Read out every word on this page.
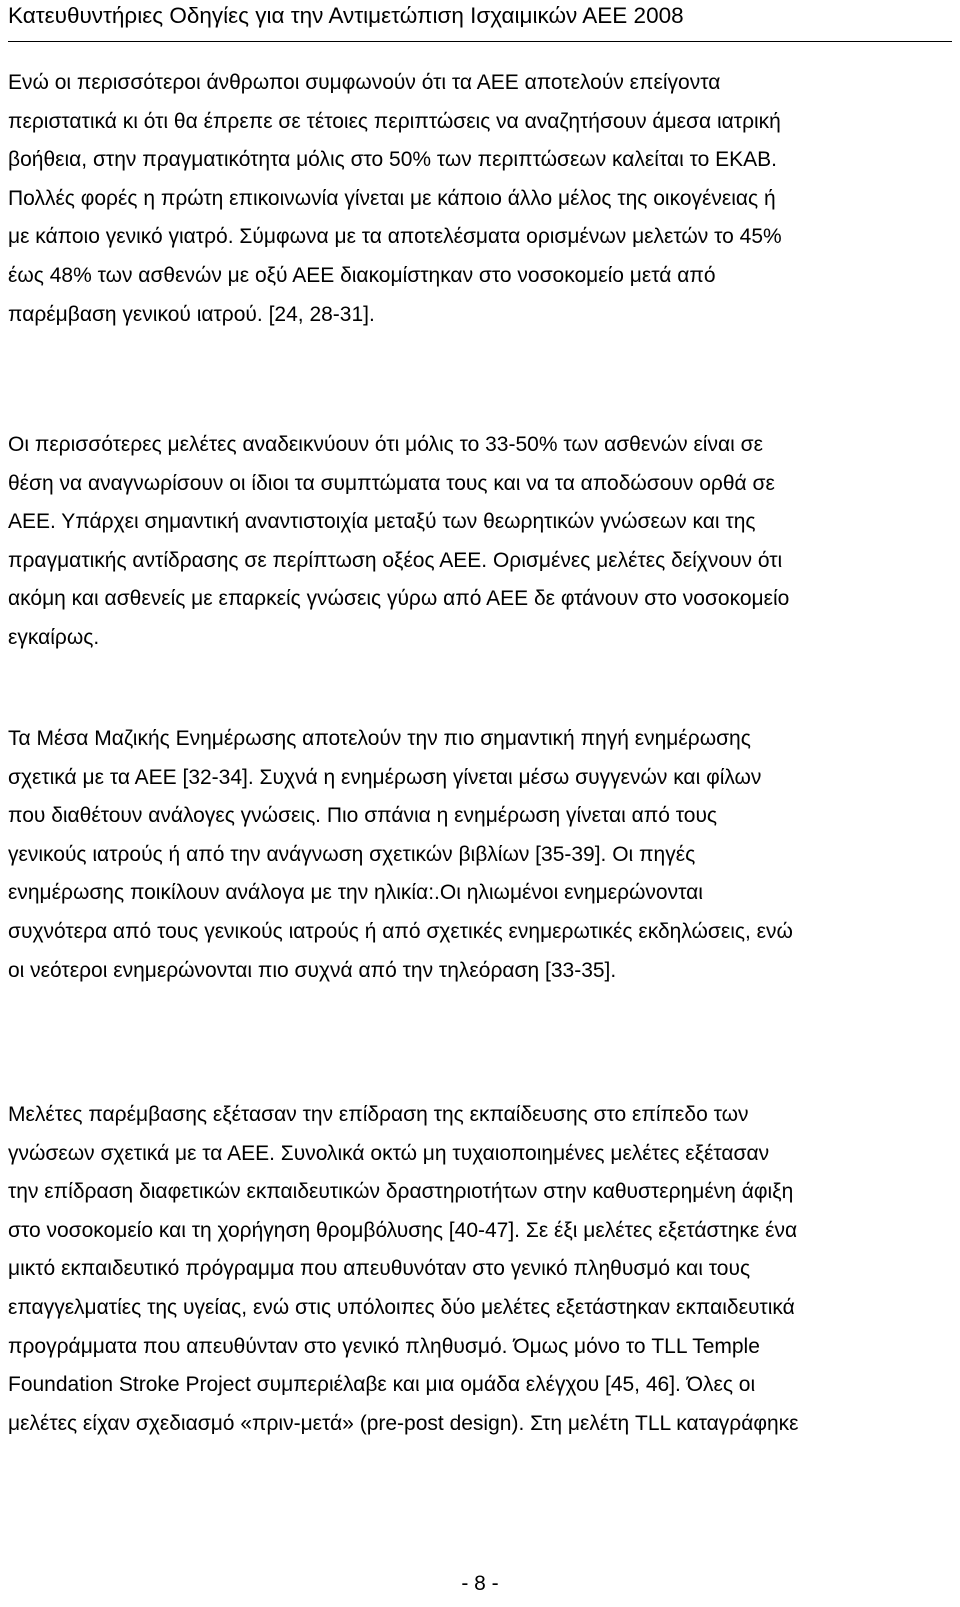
Κατευθυντήριες Οδηγίες για την Αντιμετώπιση Ισχαιμικών ΑΕΕ 2008

Ενώ οι περισσότεροι άνθρωποι συμφωνούν ότι τα ΑΕΕ αποτελούν επείγοντα
περιστατικά κι ότι θα έπρεπε σε τέτοιες περιπτώσεις να αναζητήσουν άμεσα ιατρική
βοήθεια, στην πραγματικότητα μόλις στο 50% των περιπτώσεων καλείται το ΕΚΑΒ.
Πολλές φορές η πρώτη επικοινωνία γίνεται με κάποιο άλλο μέλος της οικογένειας ή
με κάποιο γενικό γιατρό. Σύμφωνα με τα αποτελέσματα ορισμένων μελετών το 45%
έως 48% των ασθενών με οξύ ΑΕΕ διακομίστηκαν στο νοσοκομείο μετά από
παρέμβαση γενικού ιατρού. [24, 28-31].

Οι περισσότερες μελέτες αναδεικνύουν ότι μόλις το 33-50% των ασθενών είναι σε
θέση να αναγνωρίσουν οι ίδιοι τα συμπτώματα τους και να τα αποδώσουν ορθά σε
ΑΕΕ. Υπάρχει σημαντική αναντιστοιχία μεταξύ των θεωρητικών γνώσεων και της
πραγματικής αντίδρασης σε περίπτωση οξέος ΑΕΕ. Ορισμένες μελέτες δείχνουν ότι
ακόμη και ασθενείς με επαρκείς γνώσεις γύρω από ΑΕΕ δε φτάνουν στο νοσοκομείο
εγκαίρως.

Τα Μέσα Μαζικής Ενημέρωσης αποτελούν την πιο σημαντική πηγή ενημέρωσης
σχετικά με τα ΑΕΕ [32-34]. Συχνά η ενημέρωση γίνεται μέσω συγγενών και φίλων
που διαθέτουν ανάλογες γνώσεις. Πιο σπάνια η ενημέρωση γίνεται από τους
γενικούς ιατρούς ή από την ανάγνωση σχετικών βιβλίων [35-39]. Οι πηγές
ενημέρωσης ποικίλουν ανάλογα με την ηλικία:.Οι ηλιωμένοι ενημερώνονται
συχνότερα από τους γενικούς ιατρούς ή από σχετικές ενημερωτικές εκδηλώσεις, ενώ
οι νεότεροι ενημερώνονται πιο συχνά από την τηλεόραση [33-35].

Μελέτες παρέμβασης εξέτασαν την επίδραση της εκπαίδευσης στο επίπεδο των
γνώσεων σχετικά με τα ΑΕΕ. Συνολικά οκτώ μη τυχαιοποιημένες μελέτες εξέτασαν
την επίδραση διαφετικών εκπαιδευτικών δραστηριοτήτων στην καθυστερημένη άφιξη
στο νοσοκομείο και τη χορήγηση θρομβόλυσης [40-47]. Σε έξι μελέτες εξετάστηκε ένα
μικτό εκπαιδευτικό πρόγραμμα που απευθυνόταν στο γενικό πληθυσμό και τους
επαγγελματίες της υγείας, ενώ στις υπόλοιπες δύο μελέτες εξετάστηκαν εκπαιδευτικά
προγράμματα που απευθύνταν στο γενικό πληθυσμό. Όμως μόνο το TLL Temple
Foundation Stroke Project συμπεριέλαβε και μια ομάδα ελέγχου [45, 46]. Όλες οι
μελέτες είχαν σχεδιασμό «πριν-μετά» (pre-post design). Στη μελέτη TLL καταγράφηκε

- 8 -
